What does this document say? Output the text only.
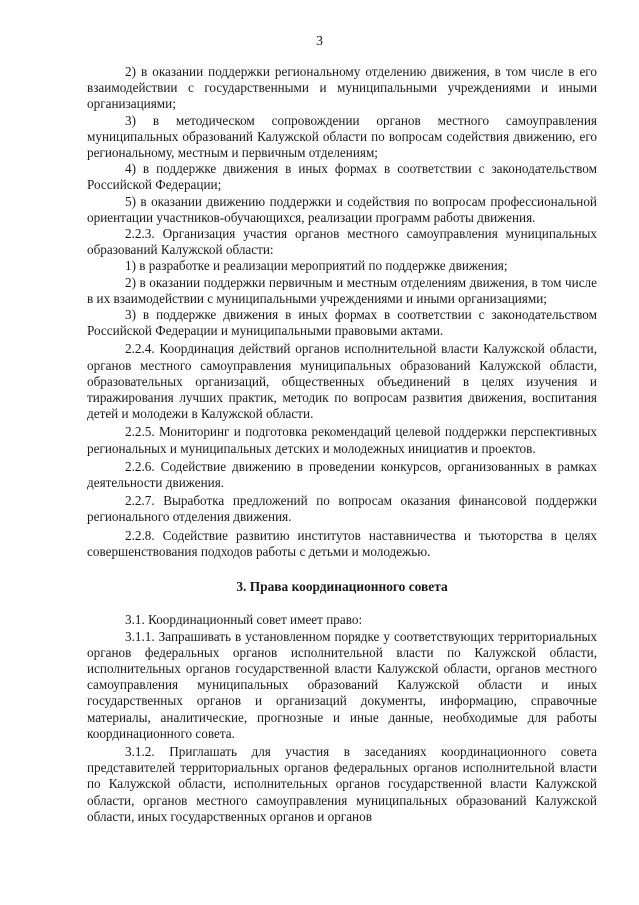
3

2) в оказании поддержки региональному отделению движения, в том числе в его взаимодействии с государственными и муниципальными учреждениями и иными организациями;

3) в методическом сопровождении органов местного самоуправления муниципальных образований Калужской области по вопросам содействия движению, его региональному, местным и первичным отделениям;

4) в поддержке движения в иных формах в соответствии с законодательством Российской Федерации;

5) в оказании движению поддержки и содействия по вопросам профессиональной ориентации участников-обучающихся, реализации программ работы движения.

2.2.3. Организация участия органов местного самоуправления муниципальных образований Калужской области:

1) в разработке и реализации мероприятий по поддержке движения;

2) в оказании поддержки первичным и местным отделениям движения, в том числе в их взаимодействии с муниципальными учреждениями и иными организациями;

3) в поддержке движения в иных формах в соответствии с законодательством Российской Федерации и муниципальными правовыми актами.

2.2.4. Координация действий органов исполнительной власти Калужской области, органов местного самоуправления муниципальных образований Калужской области, образовательных организаций, общественных объединений в целях изучения и тиражирования лучших практик, методик по вопросам развития движения, воспитания детей и молодежи в Калужской области.

2.2.5. Мониторинг и подготовка рекомендаций целевой поддержки перспективных региональных и муниципальных детских и молодежных инициатив и проектов.

2.2.6. Содействие движению в проведении конкурсов, организованных в рамках деятельности движения.

2.2.7. Выработка предложений по вопросам оказания финансовой поддержки регионального отделения движения.

2.2.8. Содействие развитию институтов наставничества и тьюторства в целях совершенствования подходов работы с детьми и молодежью.

3. Права координационного совета

3.1. Координационный совет имеет право:

3.1.1. Запрашивать в установленном порядке у соответствующих территориальных органов федеральных органов исполнительной власти по Калужской области, исполнительных органов государственной власти Калужской области, органов местного самоуправления муниципальных образований Калужской области и иных государственных органов и организаций документы, информацию, справочные материалы, аналитические, прогнозные и иные данные, необходимые для работы координационного совета.

3.1.2. Приглашать для участия в заседаниях координационного совета представителей территориальных органов федеральных органов исполнительной власти по Калужской области, исполнительных органов государственной власти Калужской области, органов местного самоуправления муниципальных образований Калужской области, иных государственных органов и органов
